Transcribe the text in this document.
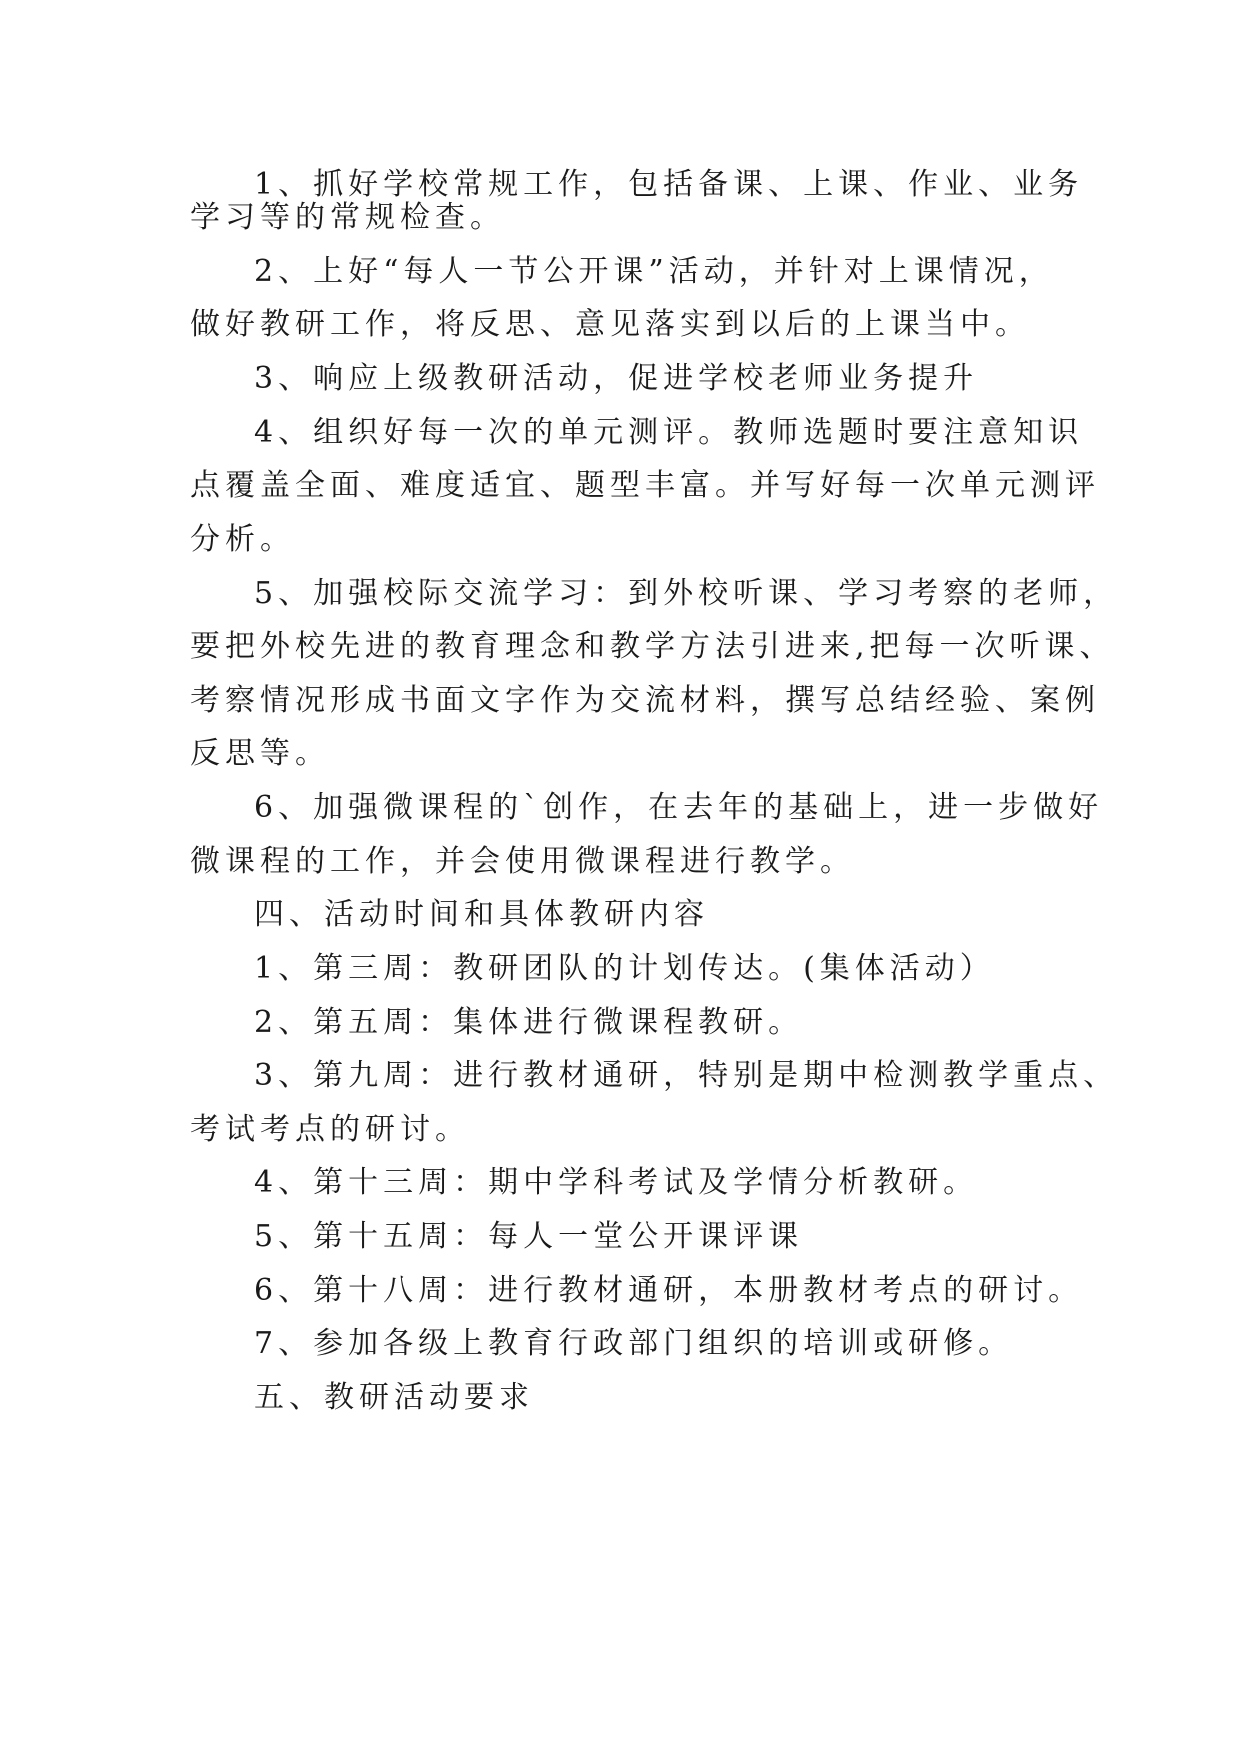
1、抓好学校常规工作，包括备课、上课、作业、业务

学习等的常规检查。

2、上好“每人一节公开课”活动，并针对上课情况，

做好教研工作，将反思、意见落实到以后的上课当中。

3、响应上级教研活动，促进学校老师业务提升

4、组织好每一次的单元测评。教师选题时要注意知识

点覆盖全面、难度适宜、题型丰富。并写好每一次单元测评

分析。

5、加强校际交流学习：到外校听课、学习考察的老师，

要把外校先进的教育理念和教学方法引进来,把每一次听课、

考察情况形成书面文字作为交流材料，撰写总结经验、案例

反思等。

6、加强微课程的`创作，在去年的基础上，进一步做好

微课程的工作，并会使用微课程进行教学。

四、活动时间和具体教研内容

1、第三周：教研团队的计划传达。(集体活动）

2、第五周：集体进行微课程教研。

3、第九周：进行教材通研，特别是期中检测教学重点、

考试考点的研讨。

4、第十三周：期中学科考试及学情分析教研。

5、第十五周：每人一堂公开课评课

6、第十八周：进行教材通研，本册教材考点的研讨。

7、参加各级上教育行政部门组织的培训或研修。

五、教研活动要求
